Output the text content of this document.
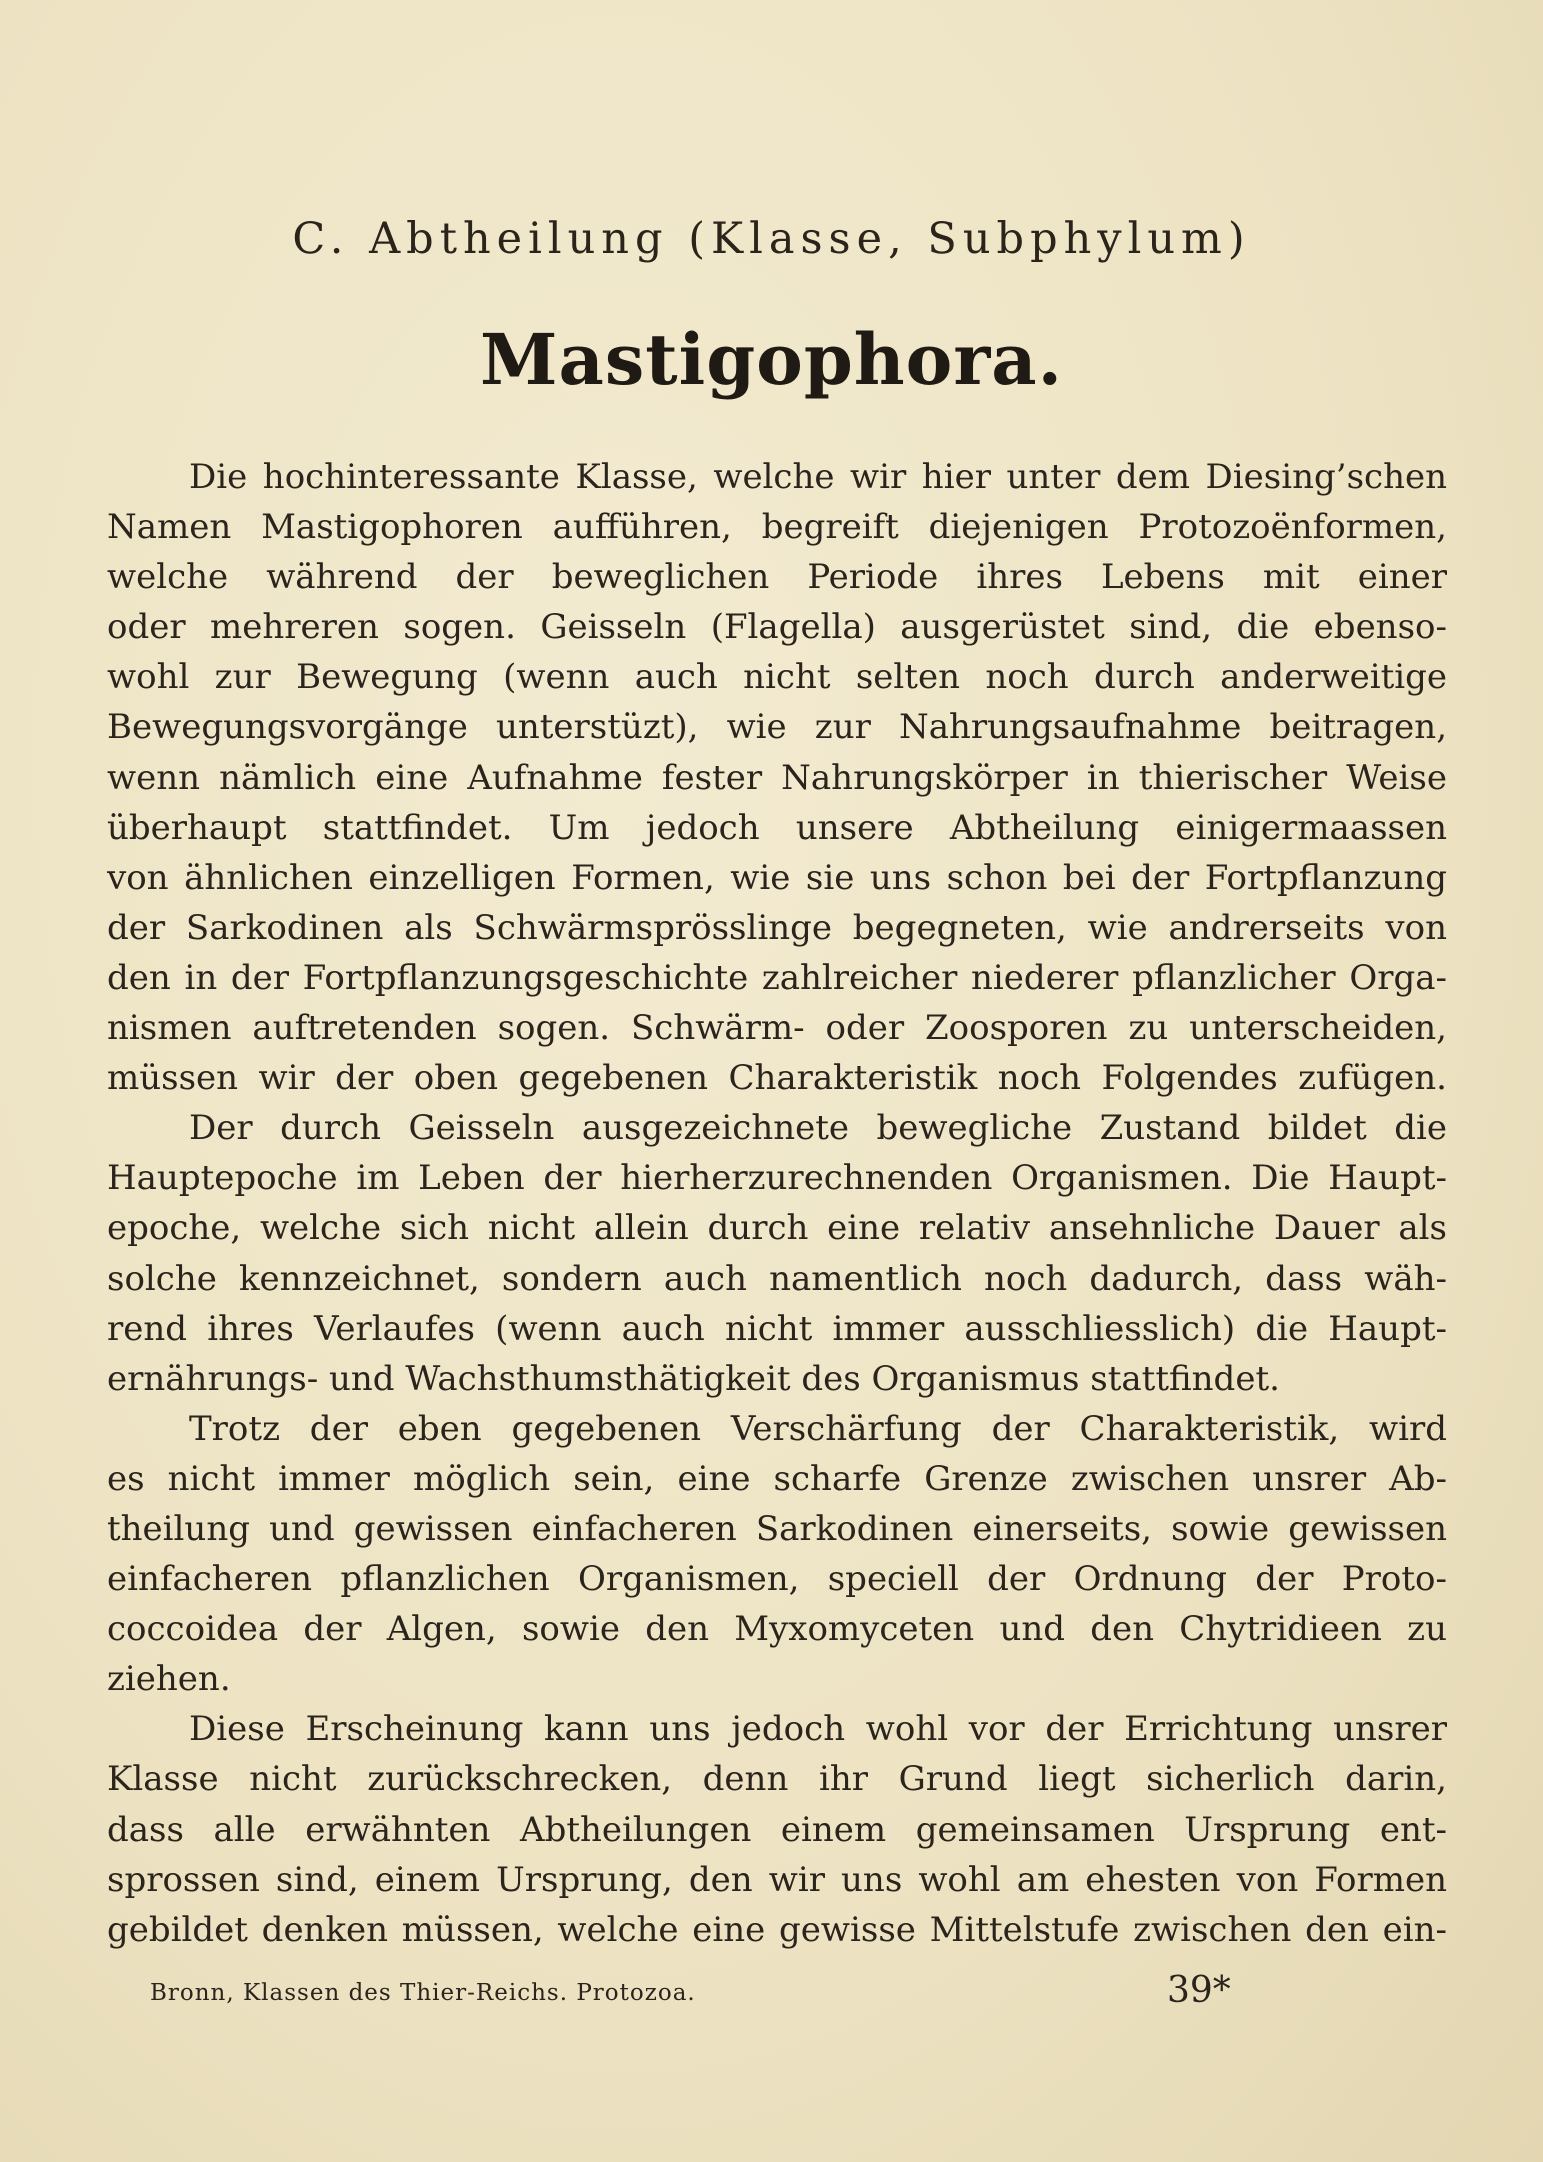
C. Abtheilung (Klasse, Subphylum)
Mastigophora.
Die hochinteressante Klasse, welche wir hier unter dem Diesing’schen
Namen Mastigophoren aufführen, begreift diejenigen Protozoënformen,
welche während der beweglichen Periode ihres Lebens mit einer
oder mehreren sogen. Geisseln (Flagella) ausgerüstet sind, die ebenso-
wohl zur Bewegung (wenn auch nicht selten noch durch anderweitige
Bewegungsvorgänge unterstüzt), wie zur Nahrungsaufnahme beitragen,
wenn nämlich eine Aufnahme fester Nahrungskörper in thierischer Weise
überhaupt stattfindet. Um jedoch unsere Abtheilung einigermaassen
von ähnlichen einzelligen Formen, wie sie uns schon bei der Fortpflanzung
der Sarkodinen als Schwärmsprösslinge begegneten, wie andrerseits von
den in der Fortpflanzungsgeschichte zahlreicher niederer pflanzlicher Orga-
nismen auftretenden sogen. Schwärm- oder Zoosporen zu unterscheiden,
müssen wir der oben gegebenen Charakteristik noch Folgendes zufügen.
Der durch Geisseln ausgezeichnete bewegliche Zustand bildet die
Hauptepoche im Leben der hierherzurechnenden Organismen. Die Haupt-
epoche, welche sich nicht allein durch eine relativ ansehnliche Dauer als
solche kennzeichnet, sondern auch namentlich noch dadurch, dass wäh-
rend ihres Verlaufes (wenn auch nicht immer ausschliesslich) die Haupt-
ernährungs- und Wachsthumsthätigkeit des Organismus stattfindet.
Trotz der eben gegebenen Verschärfung der Charakteristik, wird
es nicht immer möglich sein, eine scharfe Grenze zwischen unsrer Ab-
theilung und gewissen einfacheren Sarkodinen einerseits, sowie gewissen
einfacheren pflanzlichen Organismen, speciell der Ordnung der Proto-
coccoidea der Algen, sowie den Myxomyceten und den Chytridieen zu
ziehen.
Diese Erscheinung kann uns jedoch wohl vor der Errichtung unsrer
Klasse nicht zurückschrecken, denn ihr Grund liegt sicherlich darin,
dass alle erwähnten Abtheilungen einem gemeinsamen Ursprung ent-
sprossen sind, einem Ursprung, den wir uns wohl am ehesten von Formen
gebildet denken müssen, welche eine gewisse Mittelstufe zwischen den ein-
Bronn, Klassen des Thier-Reichs. Protozoa.	39*
